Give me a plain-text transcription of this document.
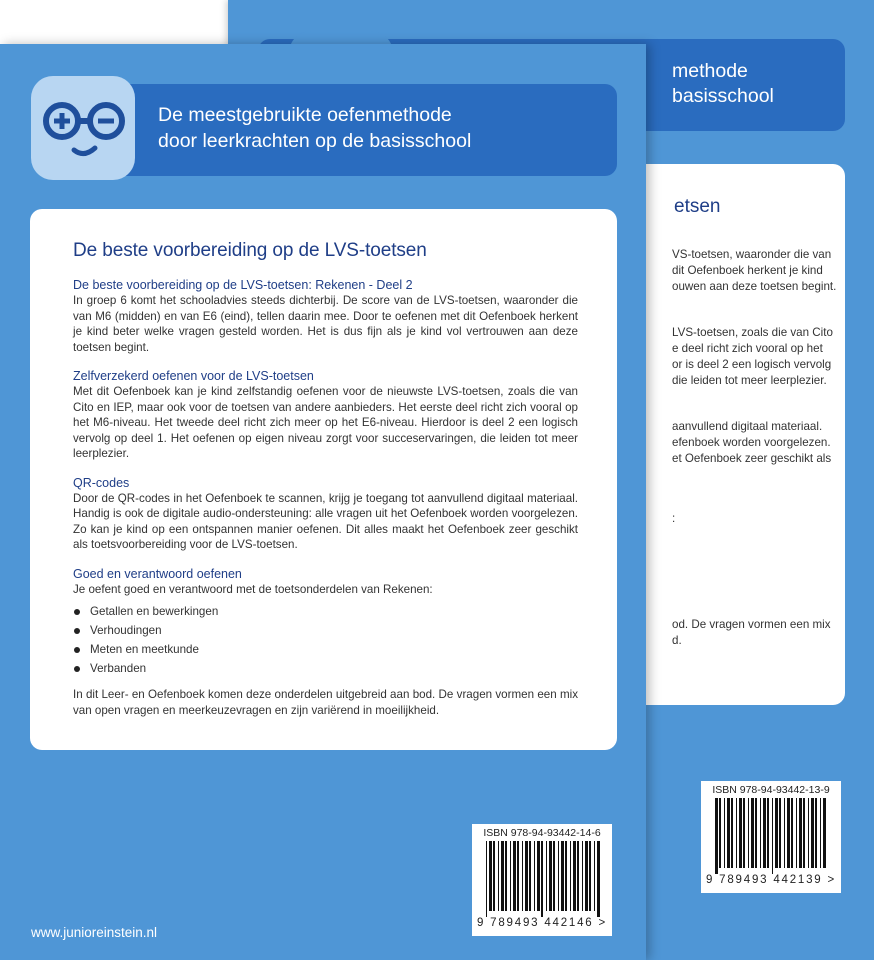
methode
basisschool
etsen
VS-toetsen, waaronder die van
dit Oefenboek herkent je kind
ouwen aan deze toetsen begint.
LVS-toetsen, zoals die van Cito
e deel richt zich vooral op het
or is deel 2 een logisch vervolg
die leiden tot meer leerplezier.
aanvullend digitaal materiaal.
efenboek worden voorgelezen.
et Oefenboek zeer geschikt als
:
od. De vragen vormen een mix
d.
ISBN 978-94-93442-13-9
9 789493 442139 >
De meestgebruikte oefenmethode
door leerkrachten op de basisschool
De beste voorbereiding op de LVS-toetsen
De beste voorbereiding op de LVS-toetsen: Rekenen - Deel 2

In groep 6 komt het schooladvies steeds dichterbij. De score van de LVS-toetsen, waaronder die van M6 (midden) en van E6 (eind), tellen daarin mee. Door te oefenen met dit Oefenboek herkent je kind beter welke vragen gesteld worden. Het is dus fijn als je kind vol vertrouwen aan deze toetsen begint.

Zelfverzekerd oefenen voor de LVS-toetsen

Met dit Oefenboek kan je kind zelfstandig oefenen voor de nieuwste LVS-toetsen, zoals die van Cito en IEP, maar ook voor de toetsen van andere aanbieders. Het eerste deel richt zich vooral op het M6-niveau. Het tweede deel richt zich meer op het E6-niveau. Hierdoor is deel 2 een logisch vervolg op deel 1. Het oefenen op eigen niveau zorgt voor succeservaringen, die leiden tot meer leerplezier.

QR-codes

Door de QR-codes in het Oefenboek te scannen, krijg je toegang tot aanvullend digitaal materiaal. Handig is ook de digitale audio-ondersteuning: alle vragen uit het Oefenboek worden voorgelezen. Zo kan je kind op een ontspannen manier oefenen. Dit alles maakt het Oefenboek zeer geschikt als toetsvoorbereiding voor de LVS-toetsen.

Goed en verantwoord oefenen

Je oefent goed en verantwoord met de toetsonderdelen van Rekenen:

Getallen en bewerkingen
Verhoudingen
Meten en meetkunde
Verbanden

In dit Leer- en Oefenboek komen deze onderdelen uitgebreid aan bod. De vragen vormen een mix van open vragen en meerkeuzevragen en zijn variërend in moeilijkheid.

ISBN 978-94-93442-14-6
9 789493 442146 >
www.junioreinstein.nl
